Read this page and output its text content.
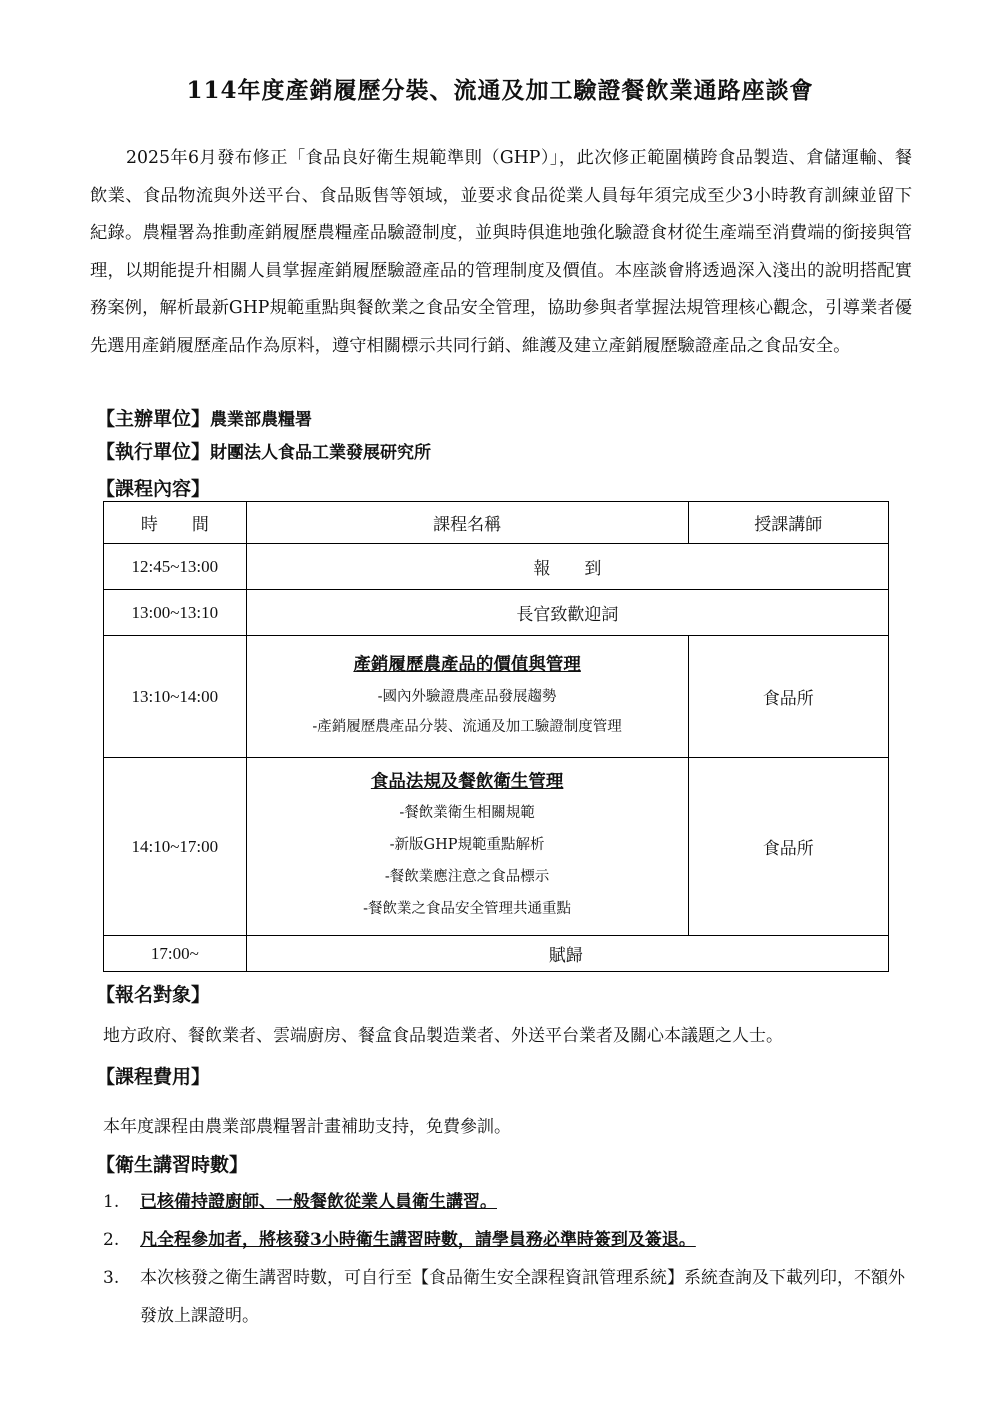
114年度產銷履歷分裝、流通及加工驗證餐飲業通路座談會

2025年6月發布修正「食品良好衛生規範準則（GHP）」，此次修正範圍橫跨食品製造、倉儲運輸、餐飲業、食品物流與外送平台、食品販售等領域，並要求食品從業人員每年須完成至少3小時教育訓練並留下紀錄。農糧署為推動產銷履歷農糧產品驗證制度，並與時俱進地強化驗證食材從生產端至消費端的銜接與管理，以期能提升相關人員掌握產銷履歷驗證產品的管理制度及價值。本座談會將透過深入淺出的說明搭配實務案例，解析最新GHP規範重點與餐飲業之食品安全管理，協助參與者掌握法規管理核心觀念，引導業者優先選用產銷履歷產品作為原料，遵守相關標示共同行銷、維護及建立產銷履歷驗證產品之食品安全。

【主辦單位】農業部農糧署
【執行單位】財團法人食品工業發展研究所
【課程內容】
時　　間	課程名稱	授課講師
12:45~13:00	報　　到	
13:00~13:10	長官致歡迎詞	
13:10~14:00	產銷履歷農產品的價值與管理
-國內外驗證農產品發展趨勢
-產銷履歷農產品分裝、流通及加工驗證制度管理	食品所
14:10~17:00	食品法規及餐飲衛生管理
-餐飲業衛生相關規範
-新版GHP規範重點解析
-餐飲業應注意之食品標示
-餐飲業之食品安全管理共通重點	食品所
17:00~	賦歸	
【報名對象】
地方政府、餐飲業者、雲端廚房、餐盒食品製造業者、外送平台業者及關心本議題之人士。
【課程費用】
本年度課程由農業部農糧署計畫補助支持，免費參訓。
【衛生講習時數】
1.	已核備持證廚師、一般餐飲從業人員衛生講習。
2.	凡全程參加者，將核發3小時衛生講習時數，請學員務必準時簽到及簽退。
3.	本次核發之衛生講習時數，可自行至【食品衛生安全課程資訊管理系統】系統查詢及下載列印，不額外發放上課證明。
